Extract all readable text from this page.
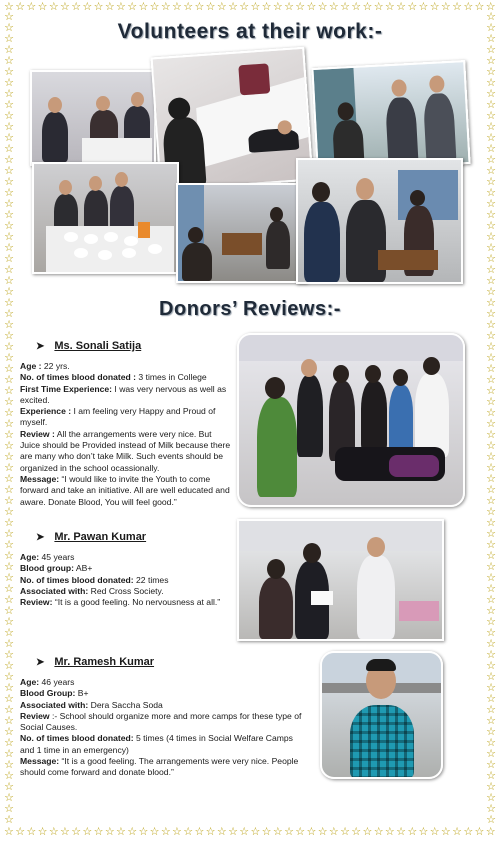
☆ ☆ ☆ ☆ ☆ ☆ ☆ ☆ ☆ ☆ ☆ ☆ ☆ ☆ ☆ ☆ ☆ ☆ ☆ ☆ ☆ ☆ ☆ ☆ ☆ ☆ ☆ ☆ ☆ ☆ ☆ ☆ ☆ ☆ ☆ ☆ ☆ ☆ ☆ ☆ ☆ ☆ ☆ ☆
☆ ☆ ☆ ☆ ☆ ☆ ☆ ☆ ☆ ☆ ☆ ☆ ☆ ☆ ☆ ☆ ☆ ☆ ☆ ☆ ☆ ☆ ☆ ☆ ☆ ☆ ☆ ☆ ☆ ☆ ☆ ☆ ☆ ☆ ☆ ☆ ☆ ☆ ☆ ☆ ☆ ☆ ☆ ☆
☆
☆
☆
☆
☆
☆
☆
☆
☆
☆
☆
☆
☆
☆
☆
☆
☆
☆
☆
☆
☆
☆
☆
☆
☆
☆
☆
☆
☆
☆
☆
☆
☆
☆
☆
☆
☆
☆
☆
☆
☆
☆
☆
☆
☆
☆
☆
☆
☆
☆
☆
☆
☆
☆
☆
☆
☆
☆
☆
☆
☆
☆
☆
☆
☆
☆
☆
☆
☆
☆
☆
☆
☆
☆
☆
☆
☆
☆
☆
☆
☆
☆
☆
☆
☆
☆
☆
☆
☆
☆
☆
☆
☆
☆
☆
☆
☆
☆
☆
☆
☆
☆
☆
☆
☆
☆
☆
☆
☆
☆
☆
☆
☆
☆
☆
☆
☆
☆
☆
☆
☆
☆
☆
☆
☆
☆
☆
☆
☆
☆
☆
☆
☆
☆
☆
☆
☆
☆
☆
☆
☆
☆
☆
☆
☆
☆
☆
☆
Volunteers at their work:-
Donors’ Reviews:-
➤ Ms. Sonali Satija

Age : 22 yrs.

No. of times blood donated : 3 times in College

First Time Experience: I was very nervous as well as excited.

Experience : I am feeling very Happy and Proud of myself.

Review : All the arrangements were very nice. But Juice should be Provided instead of Milk because there are many who don’t take Milk. Such events should be organized in the school ocassionally.

Message: “I would like to invite the Youth to come forward and take an initiative. All are well educated and aware. Donate Blood, You will feel good.”

➤ Mr. Pawan Kumar

Age: 45 years

Blood group: AB+

No. of times blood donated: 22 times

Associated with: Red Cross Society.

Review: “It is a good feeling. No nervousness at all.”

➤ Mr. Ramesh Kumar

Age: 46 years

Blood Group: B+

Associated with: Dera Saccha Soda

Review :- School should organize more and more camps for these type of Social Causes.

No. of times blood donated: 5 times (4 times in Social Welfare Camps and 1 time in an emergency)

Message: “It is a good feeling. The arrangements were very nice. People should come forward and donate blood.”
